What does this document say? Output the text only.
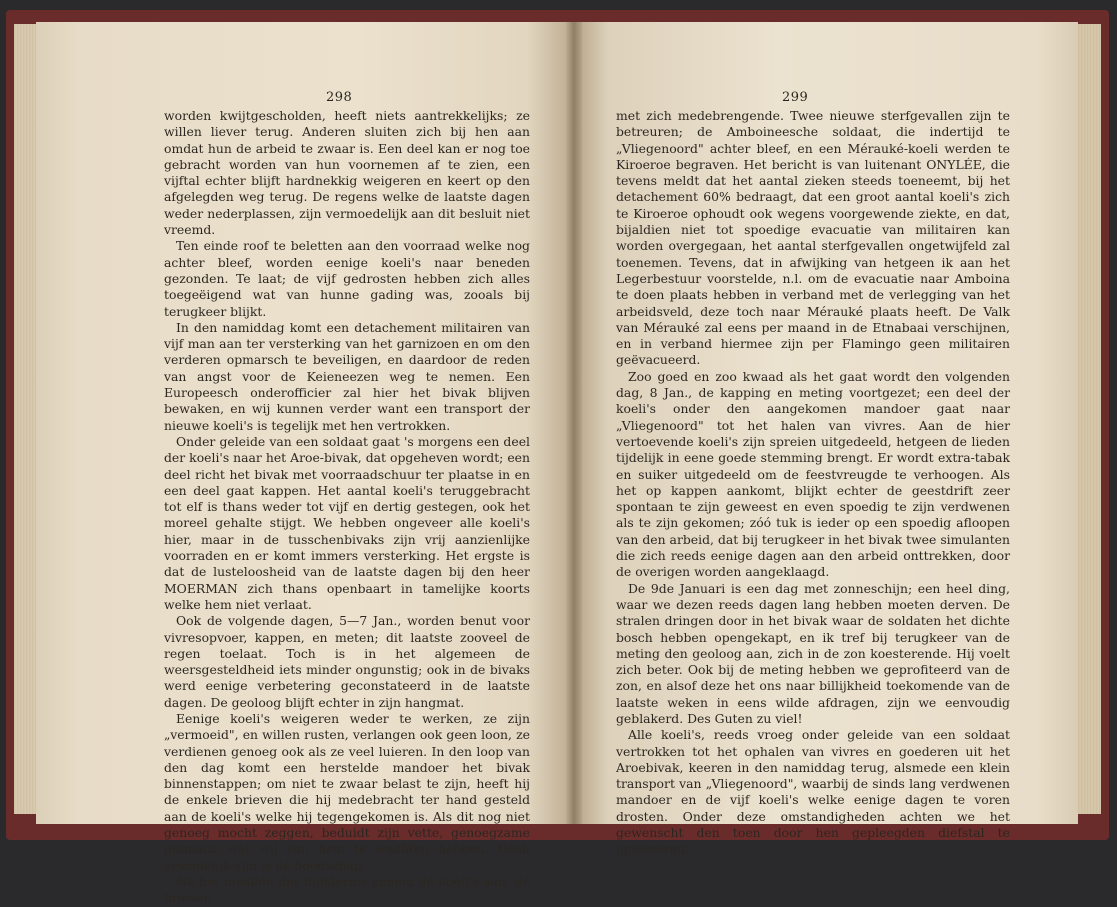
298

worden kwijtgescholden, heeft niets aantrekkelijks; ze willen liever terug. Anderen sluiten zich bij hen aan omdat hun de arbeid te zwaar is. Een deel kan er nog toe gebracht worden van hun voornemen af te zien, een vijftal echter blijft hardnekkig weigeren en keert op den afgelegden weg terug. De regens welke de laatste dagen weder nederplassen, zijn vermoedelijk aan dit besluit niet vreemd.

Ten einde roof te beletten aan den voorraad welke nog achter bleef, worden eenige koeli's naar beneden gezonden. Te laat; de vijf gedrosten hebben zich alles toegeëigend wat van hunne gading was, zooals bij terugkeer blijkt.

In den namiddag komt een detachement militairen van vijf man aan ter versterking van het garnizoen en om den verderen opmarsch te beveiligen, en daardoor de reden van angst voor de Keieneezen weg te nemen. Een Europeesch onderofficier zal hier het bivak blijven bewaken, en wij kunnen verder want een transport der nieuwe koeli's is tegelijk met hen vertrokken.

Onder geleide van een soldaat gaat 's morgens een deel der koeli's naar het Aroe-bivak, dat opgeheven wordt; een deel richt het bivak met voorraadschuur ter plaatse in en een deel gaat kappen. Het aantal koeli's teruggebracht tot elf is thans weder tot vijf en dertig gestegen, ook het moreel gehalte stijgt. We hebben ongeveer alle koeli's hier, maar in de tusschenbivaks zijn vrij aanzienlijke voorraden en er komt immers versterking. Het ergste is dat de lusteloosheid van de laatste dagen bij den heer MOERMAN zich thans openbaart in tamelijke koorts welke hem niet verlaat.

Ook de volgende dagen, 5—7 Jan., worden benut voor vivresopvoer, kappen, en meten; dit laatste zooveel de regen toelaat. Toch is in het algemeen de weersgesteldheid iets minder ongunstig; ook in de bivaks werd eenige verbetering geconstateerd in de laatste dagen. De geoloog blijft echter in zijn hangmat.

Eenige koeli's weigeren weder te werken, ze zijn „vermoeid", en willen rusten, verlangen ook geen loon, ze verdienen genoeg ook als ze veel luieren. In den loop van den dag komt een herstelde mandoer het bivak binnenstappen; om niet te zwaar belast te zijn, heeft hij de enkele brieven die hij medebracht ter hand gesteld aan de koeli's welke hij tegengekomen is. Als dit nog niet genoeg mocht zeggen, beduidt zijn vette, genoegzame glimlach wat wij van hem te wachten hebben. Doch vriendelijk-zijn is de boodschap.

Na het invallen der duisternis komen de koeli's aan, de brieven

299

met zich medebrengende. Twee nieuwe sterfgevallen zijn te betreuren; de Amboineesche soldaat, die indertijd te „Vliegenoord" achter bleef, en een Mérauké-koeli werden te Kiroeroe begraven. Het bericht is van luitenant ONYLÉE, die tevens meldt dat het aantal zieken steeds toeneemt, bij het detachement 60% bedraagt, dat een groot aantal koeli's zich te Kiroeroe ophoudt ook wegens voorgewende ziekte, en dat, bijaldien niet tot spoedige evacuatie van militairen kan worden overgegaan, het aantal sterfgevallen ongetwijfeld zal toenemen. Tevens, dat in afwijking van hetgeen ik aan het Legerbestuur voorstelde, n.l. om de evacuatie naar Amboina te doen plaats hebben in verband met de verlegging van het arbeidsveld, deze toch naar Mérauké plaats heeft. De Valk van Mérauké zal eens per maand in de Etnabaai verschijnen, en in verband hiermee zijn per Flamingo geen militairen geëvacueerd.

Zoo goed en zoo kwaad als het gaat wordt den volgenden dag, 8 Jan., de kapping en meting voortgezet; een deel der koeli's onder den aangekomen mandoer gaat naar „Vliegenoord" tot het halen van vivres. Aan de hier vertoevende koeli's zijn spreien uitgedeeld, hetgeen de lieden tijdelijk in eene goede stemming brengt. Er wordt extra-tabak en suiker uitgedeeld om de feestvreugde te verhoogen. Als het op kappen aankomt, blijkt echter de geestdrift zeer spontaan te zijn geweest en even spoedig te zijn verdwenen als te zijn gekomen; zóó tuk is ieder op een spoedig afloopen van den arbeid, dat bij terugkeer in het bivak twee simulanten die zich reeds eenige dagen aan den arbeid onttrekken, door de overigen worden aangeklaagd.

De 9de Januari is een dag met zonneschijn; een heel ding, waar we dezen reeds dagen lang hebben moeten derven. De stralen dringen door in het bivak waar de soldaten het dichte bosch hebben opengekapt, en ik tref bij terugkeer van de meting den geoloog aan, zich in de zon koesterende. Hij voelt zich beter. Ook bij de meting hebben we geprofiteerd van de zon, en alsof deze het ons naar billijkheid toekomende van de laatste weken in eens wilde afdragen, zijn we eenvoudig geblakerd. Des Guten zu viel!

Alle koeli's, reeds vroeg onder geleide van een soldaat vertrokken tot het ophalen van vivres en goederen uit het Aroebivak, keeren in den namiddag terug, alsmede een klein transport van „Vliegenoord", waarbij de sinds lang verdwenen mandoer en de vijf koeli's welke eenige dagen te voren drosten. Onder deze omstandigheden achten we het gewenscht den toen door hen gepleegden diefstal te ignoreeren.
